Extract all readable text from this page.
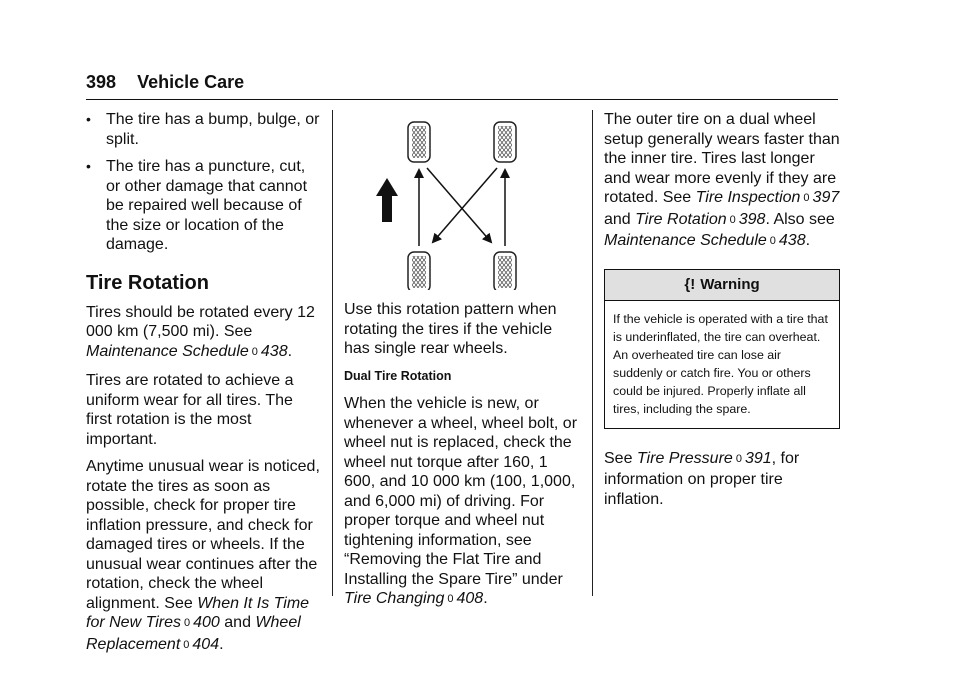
398 Vehicle Care
• The tire has a bump, bulge, or split.
• The tire has a puncture, cut, or other damage that cannot be repaired well because of the size or location of the damage.
Tire Rotation

Tires should be rotated every 12 000 km (7,500 mi). See Maintenance Schedule 0 438.

Tires are rotated to achieve a uniform wear for all tires. The first rotation is the most important.

Anytime unusual wear is noticed, rotate the tires as soon as possible, check for proper tire inflation pressure, and check for damaged tires or wheels. If the unusual wear continues after the rotation, check the wheel alignment. See When It Is Time for New Tires 0 400 and Wheel Replacement 0 404.

Use this rotation pattern when rotating the tires if the vehicle has single rear wheels.

Dual Tire Rotation

When the vehicle is new, or whenever a wheel, wheel bolt, or wheel nut is replaced, check the wheel nut torque after 160, 1 600, and 10 000 km (100, 1,000, and 6,000 mi) of driving. For proper torque and wheel nut tightening information, see “Removing the Flat Tire and Installing the Spare Tire” under Tire Changing 0 408.

The outer tire on a dual wheel setup generally wears faster than the inner tire. Tires last longer and wear more evenly if they are rotated. See Tire Inspection 0 397 and Tire Rotation 0 398. Also see Maintenance Schedule 0 438.

{! Warning
If the vehicle is operated with a tire that is underinflated, the tire can overheat. An overheated tire can lose air suddenly or catch fire. You or others could be injured. Properly inflate all tires, including the spare.

See Tire Pressure 0 391, for information on proper tire inflation.
